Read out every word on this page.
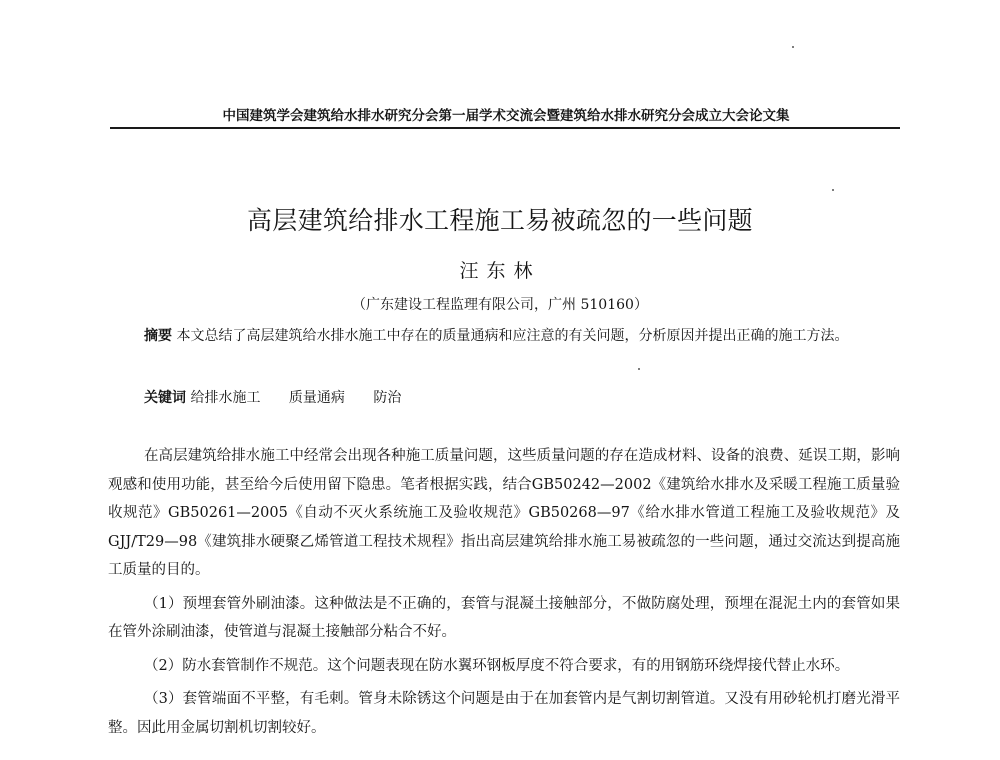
中国建筑学会建筑给水排水研究分会第一届学术交流会暨建筑给水排水研究分会成立大会论文集
高层建筑给排水工程施工易被疏忽的一些问题
汪东林
（广东建设工程监理有限公司，广州 510160）
摘要 本文总结了高层建筑给水排水施工中存在的质量通病和应注意的有关问题，分析原因并提出正确的施工方法。
关键词 给排水施工 质量通病 防治

在高层建筑给排水施工中经常会出现各种施工质量问题，这些质量问题的存在造成材料、设备的浪费、延误工期，影响观感和使用功能，甚至给今后使用留下隐患。笔者根据实践，结合GB50242—2002《建筑给水排水及采暖工程施工质量验收规范》GB50261—2005《自动不灭火系统施工及验收规范》GB50268—97《给水排水管道工程施工及验收规范》及GJJ/T29—98《建筑排水硬聚乙烯管道工程技术规程》指出高层建筑给排水施工易被疏忽的一些问题，通过交流达到提高施工质量的目的。

（1）预埋套管外刷油漆。这种做法是不正确的，套管与混凝土接触部分，不做防腐处理，预埋在混泥土内的套管如果在管外涂刷油漆，使管道与混凝土接触部分粘合不好。

（2）防水套管制作不规范。这个问题表现在防水翼环钢板厚度不符合要求，有的用钢筋环绕焊接代替止水环。

（3）套管端面不平整，有毛刺。管身未除锈这个问题是由于在加套管内是气割切割管道。又没有用砂轮机打磨光滑平整。因此用金属切割机切割较好。
